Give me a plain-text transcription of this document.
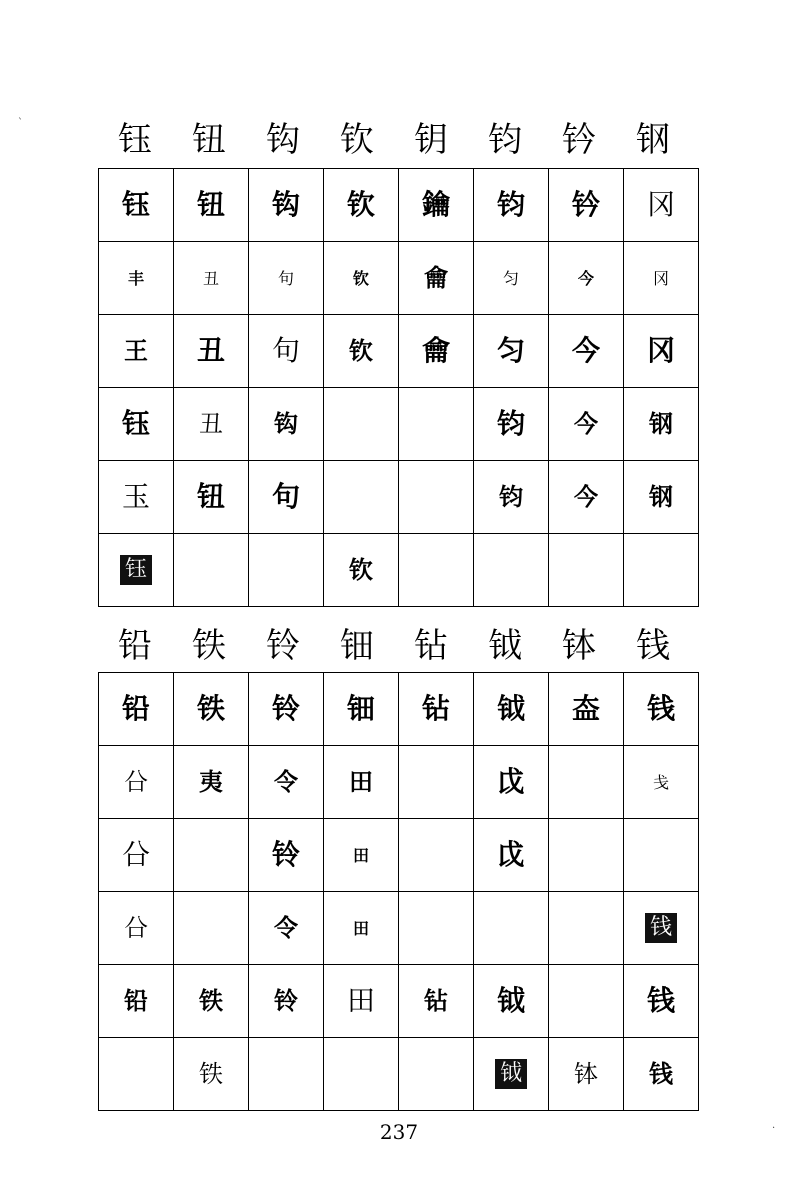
`	钰	钮	钩	钦	钥	钧	钤	钢
钰	钮	钩	钦	鑰	钧	钤	冈
丰	丑	句	钦	龠	匀	今	冈
王	丑	句	钦	龠	匀	今	冈
钰	丑	钩			钧	今	钢
玉	钮	句			钧	今	钢
钰			钦				
铅	铁	铃	钿	钻	钺	钵	钱
铅	铁	铃	钿	钻	钺	盇	钱
㕣	夷	令	田		戉		戋
㕣		铃	田		戉		
㕣		令	田				钱
铅	铁	铃	田	钻	钺		钱
	铁				钺	钵	钱
237	.
